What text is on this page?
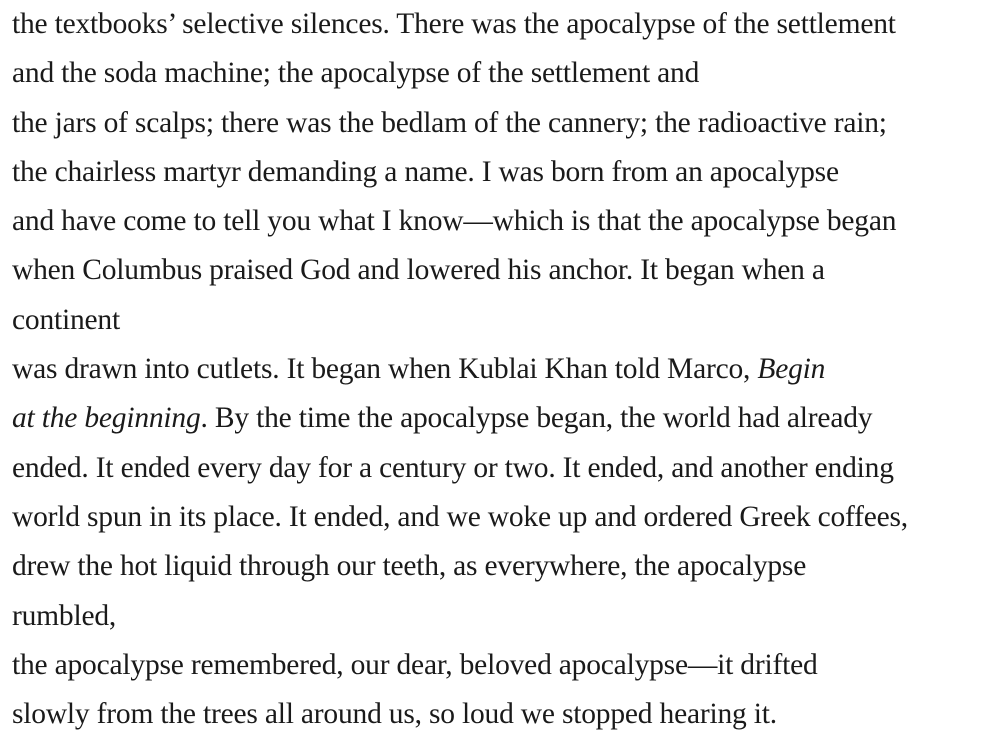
the textbooks’ selective silences. There was the apocalypse of the settlement
and the soda machine; the apocalypse of the settlement and
the jars of scalps; there was the bedlam of the cannery; the radioactive rain;
the chairless martyr demanding a name. I was born from an apocalypse
and have come to tell you what I know—which is that the apocalypse began
when Columbus praised God and lowered his anchor. It began when a
continent
was drawn into cutlets. It began when Kublai Khan told Marco, Begin
at the beginning. By the time the apocalypse began, the world had already
ended. It ended every day for a century or two. It ended, and another ending
world spun in its place. It ended, and we woke up and ordered Greek coffees,
drew the hot liquid through our teeth, as everywhere, the apocalypse
rumbled,
the apocalypse remembered, our dear, beloved apocalypse—it drifted
slowly from the trees all around us, so loud we stopped hearing it.
